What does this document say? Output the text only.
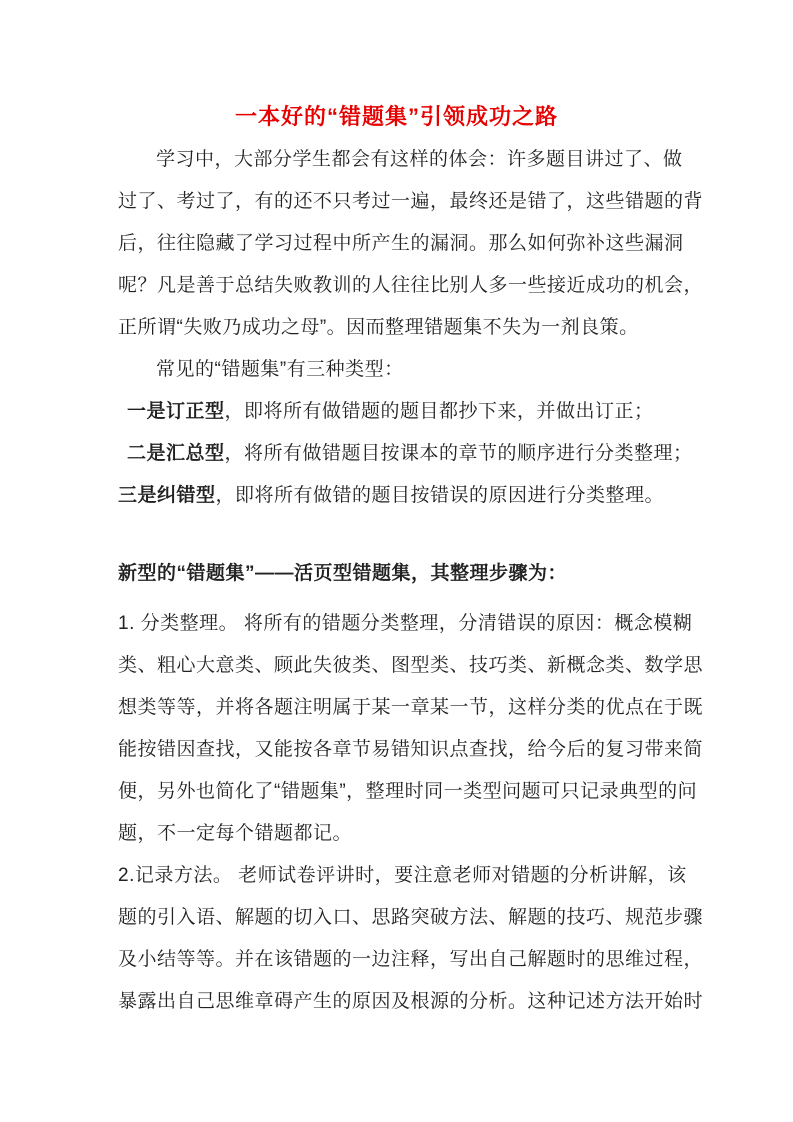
一本好的“错题集”引领成功之路

学习中，大部分学生都会有这样的体会：许多题目讲过了、做

过了、考过了，有的还不只考过一遍，最终还是错了，这些错题的背

后，往往隐藏了学习过程中所产生的漏洞。那么如何弥补这些漏洞

呢？凡是善于总结失败教训的人往往比别人多一些接近成功的机会，

正所谓“失败乃成功之母”。因而整理错题集不失为一剂良策。

常见的“错题集”有三种类型：

一是订正型，即将所有做错题的题目都抄下来，并做出订正；

二是汇总型，将所有做错题目按课本的章节的顺序进行分类整理；

三是纠错型，即将所有做错的题目按错误的原因进行分类整理。

新型的“错题集”——活页型错题集，其整理步骤为：

1. 分类整理。 将所有的错题分类整理，分清错误的原因：概念模糊

类、粗心大意类、顾此失彼类、图型类、技巧类、新概念类、数学思

想类等等，并将各题注明属于某一章某一节，这样分类的优点在于既

能按错因查找，又能按各章节易错知识点查找，给今后的复习带来简

便，另外也简化了“错题集”，整理时同一类型问题可只记录典型的问

题，不一定每个错题都记。

2.记录方法。 老师试卷评讲时，要注意老师对错题的分析讲解，该

题的引入语、解题的切入口、思路突破方法、解题的技巧、规范步骤

及小结等等。并在该错题的一边注释，写出自己解题时的思维过程，

暴露出自己思维章碍产生的原因及根源的分析。这种记述方法开始时
